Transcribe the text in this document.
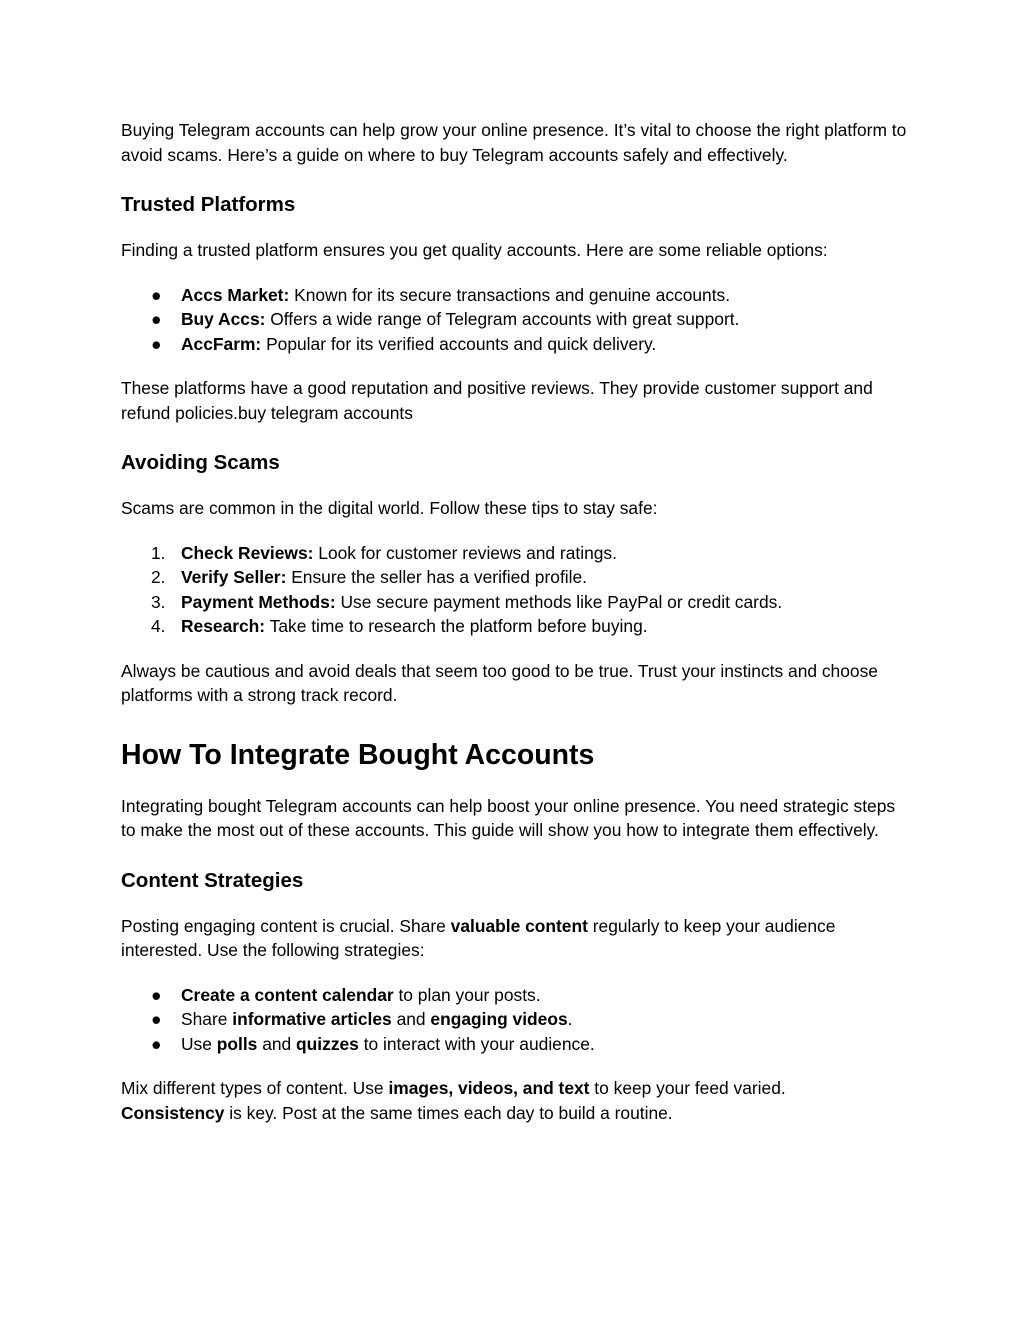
Buying Telegram accounts can help grow your online presence. It’s vital to choose the right platform to avoid scams. Here’s a guide on where to buy Telegram accounts safely and effectively.

Trusted Platforms

Finding a trusted platform ensures you get quality accounts. Here are some reliable options:

● Accs Market: Known for its secure transactions and genuine accounts.
● Buy Accs: Offers a wide range of Telegram accounts with great support.
● AccFarm: Popular for its verified accounts and quick delivery.

These platforms have a good reputation and positive reviews. They provide customer support and refund policies.buy telegram accounts

Avoiding Scams

Scams are common in the digital world. Follow these tips to stay safe:

1. Check Reviews: Look for customer reviews and ratings.
2. Verify Seller: Ensure the seller has a verified profile.
3. Payment Methods: Use secure payment methods like PayPal or credit cards.
4. Research: Take time to research the platform before buying.

Always be cautious and avoid deals that seem too good to be true. Trust your instincts and choose platforms with a strong track record.

How To Integrate Bought Accounts

Integrating bought Telegram accounts can help boost your online presence. You need strategic steps to make the most out of these accounts. This guide will show you how to integrate them effectively.

Content Strategies

Posting engaging content is crucial. Share valuable content regularly to keep your audience interested. Use the following strategies:

● Create a content calendar to plan your posts.
● Share informative articles and engaging videos.
● Use polls and quizzes to interact with your audience.

Mix different types of content. Use images, videos, and text to keep your feed varied.
Consistency is key. Post at the same times each day to build a routine.
